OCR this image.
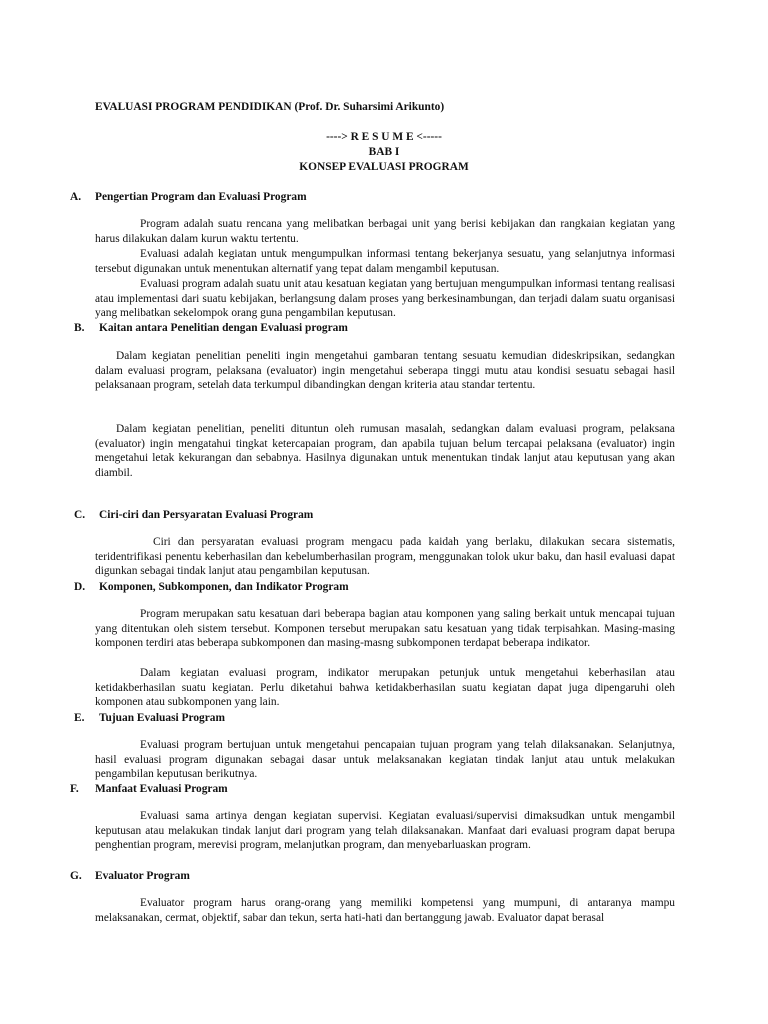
EVALUASI PROGRAM PENDIDIKAN (Prof. Dr. Suharsimi Arikunto)
----> R E S U M E <-----
BAB I
KONSEP EVALUASI PROGRAM
A. Pengertian Program dan Evaluasi Program
Program adalah suatu rencana yang melibatkan berbagai unit yang berisi kebijakan dan rangkaian kegiatan yang harus dilakukan dalam kurun waktu tertentu.
Evaluasi adalah kegiatan untuk mengumpulkan informasi tentang bekerjanya sesuatu, yang selanjutnya informasi tersebut digunakan untuk menentukan alternatif yang tepat dalam mengambil keputusan.
Evaluasi program adalah suatu unit atau kesatuan kegiatan yang bertujuan mengumpulkan informasi tentang realisasi atau implementasi dari suatu kebijakan, berlangsung dalam proses yang berkesinambungan, dan terjadi dalam suatu organisasi yang melibatkan sekelompok orang guna pengambilan keputusan.
B. Kaitan antara Penelitian dengan Evaluasi program
Dalam kegiatan penelitian peneliti ingin mengetahui gambaran tentang sesuatu kemudian dideskripsikan, sedangkan dalam evaluasi program, pelaksana (evaluator) ingin mengetahui seberapa tinggi mutu atau kondisi sesuatu sebagai hasil pelaksanaan program, setelah data terkumpul dibandingkan dengan kriteria atau standar tertentu.
Dalam kegiatan penelitian, peneliti dituntun oleh rumusan masalah, sedangkan dalam evaluasi program, pelaksana (evaluator) ingin mengatahui tingkat ketercapaian program, dan apabila tujuan belum tercapai pelaksana (evaluator) ingin mengetahui letak kekurangan dan sebabnya. Hasilnya digunakan untuk menentukan tindak lanjut atau keputusan yang akan diambil.
C. Ciri-ciri dan Persyaratan Evaluasi Program
Ciri dan persyaratan evaluasi program mengacu pada kaidah yang berlaku, dilakukan secara sistematis, teridentrifikasi penentu keberhasilan dan kebelumberhasilan program, menggunakan tolok ukur baku, dan hasil evaluasi dapat digunkan sebagai tindak lanjut atau pengambilan keputusan.
D. Komponen, Subkomponen, dan Indikator Program
Program merupakan satu kesatuan dari beberapa bagian atau komponen yang saling berkait untuk mencapai tujuan yang ditentukan oleh sistem tersebut. Komponen tersebut merupakan satu kesatuan yang tidak terpisahkan. Masing-masing komponen terdiri atas beberapa subkomponen dan masing-masng subkomponen terdapat beberapa indikator.
Dalam kegiatan evaluasi program, indikator merupakan petunjuk untuk mengetahui keberhasilan atau ketidakberhasilan suatu kegiatan. Perlu diketahui bahwa ketidakberhasilan suatu kegiatan dapat juga dipengaruhi oleh komponen atau subkomponen yang lain.
E. Tujuan Evaluasi Program
Evaluasi program bertujuan untuk mengetahui pencapaian tujuan program yang telah dilaksanakan. Selanjutnya, hasil evaluasi program digunakan sebagai dasar untuk melaksanakan kegiatan tindak lanjut atau untuk melakukan pengambilan keputusan berikutnya.
F. Manfaat Evaluasi Program
Evaluasi sama artinya dengan kegiatan supervisi. Kegiatan evaluasi/supervisi dimaksudkan untuk mengambil keputusan atau melakukan tindak lanjut dari program yang telah dilaksanakan. Manfaat dari evaluasi program dapat berupa penghentian program, merevisi program, melanjutkan program, dan menyebarluaskan program.
G. Evaluator Program
Evaluator program harus orang-orang yang memiliki kompetensi yang mumpuni, di antaranya mampu melaksanakan, cermat, objektif, sabar dan tekun, serta hati-hati dan bertanggung jawab. Evaluator dapat berasal
